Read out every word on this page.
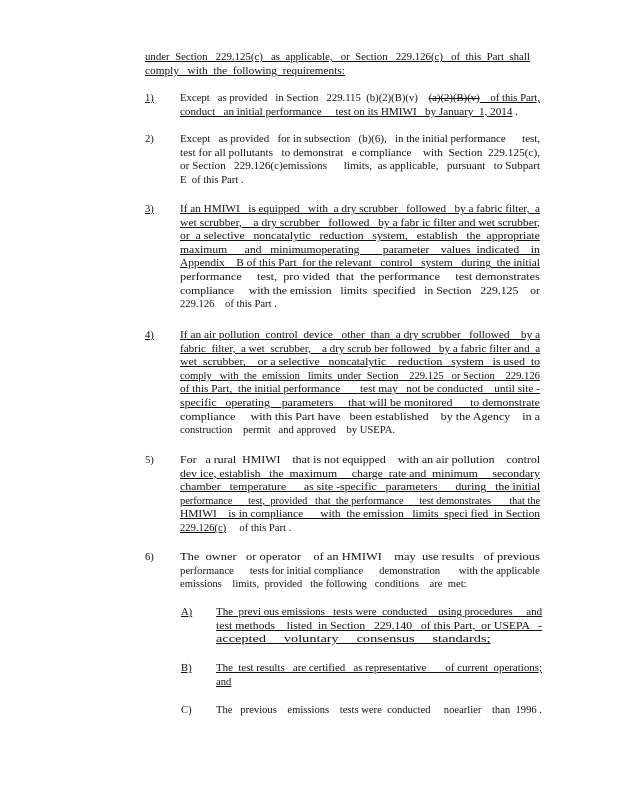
under  Section   229.125(c)   as  applicable,   or  Section   229.126(c)   of  this  Part  shall
comply   with  the  following  requirements:
1) Except   as provided   in Section   229.115  (b)(2)(B)(v)    (a)(2)(B)(v)    of this Part,
conduct   an initial performance     test on its HMIWI   by January  1, 2014 .
2) Except   as provided   for in subsection   (b)(6),   in the initial performance      test,
test for all pollutants   to demonstrat   e compliance    with  Section  229.125(c),
or Section   229.126(c)emissions      limits,  as applicable,   pursuant   to Subpart
E  of this Part .
3) If an HMIWI   is equipped   with  a dry scrubber   followed   by a fabric filter,  a
wet scrubber,    a dry scrubber   followed   by a fabr ic filter and wet scrubber,
or  a selective   noncatalytic   reduction   system,   establish   the  appropriate
maximum      and   minimumoperating        parameter    values  indicated    in
Appendix    B of this Part  for the relevant   control   system   during  the initial
performance     test,  pro vided  that  the performance     test demonstrates
compliance     with the emission   limits  specified   in Section   229.125    or
229.126    of this Part .
4) If an air pollution  control  device   other  than  a dry scrubber   followed    by a
fabric  filter,  a wet  scrubber,    a dry scrub ber followed   by a fabric filter and  a
wet  scrubber,    or a selective   noncatalytic    reduction   system   is used  to
comply   with  the  emission   limits  under  Section    229.125   or Section    229.126
of this Part,  the initial performance       test may   not be conducted    until site -
specific   operating    parameters     that will be monitored      to demonstrate
compliance     with this Part have   been established    by the Agency    in a
construction    permit   and approved    by USEPA.
5) For   a rural  HMIWI    that is not equipped    with an air pollution    control
dev ice, establish   the  maximum     charge  rate and  minimum     secondary
chamber   temperature      as site -specific   parameters      during   the initial
performance      test,  provided   that  the performance      test demonstrates       that the
HMIWI    is in compliance      with  the emission   limits  speci fied  in Section
229.126(c)     of this Part .
6) The  owner   or operator    of an HMIWI    may  use results   of previous
performance      tests for initial compliance      demonstration       with the applicable
emissions    limits,  provided   the following   conditions    are  met:
A) The  previ ous emissions   tests were  conducted    using procedures     and
test methods    listed  in Section   229.140   of this Part,  or USEPA   -
accepted     voluntary     consensus     standards;
B) The  test results   are certified   as representative       of current  operations;
and
C) The   previous    emissions    tests were  conducted     noearlier    than  1996 .
